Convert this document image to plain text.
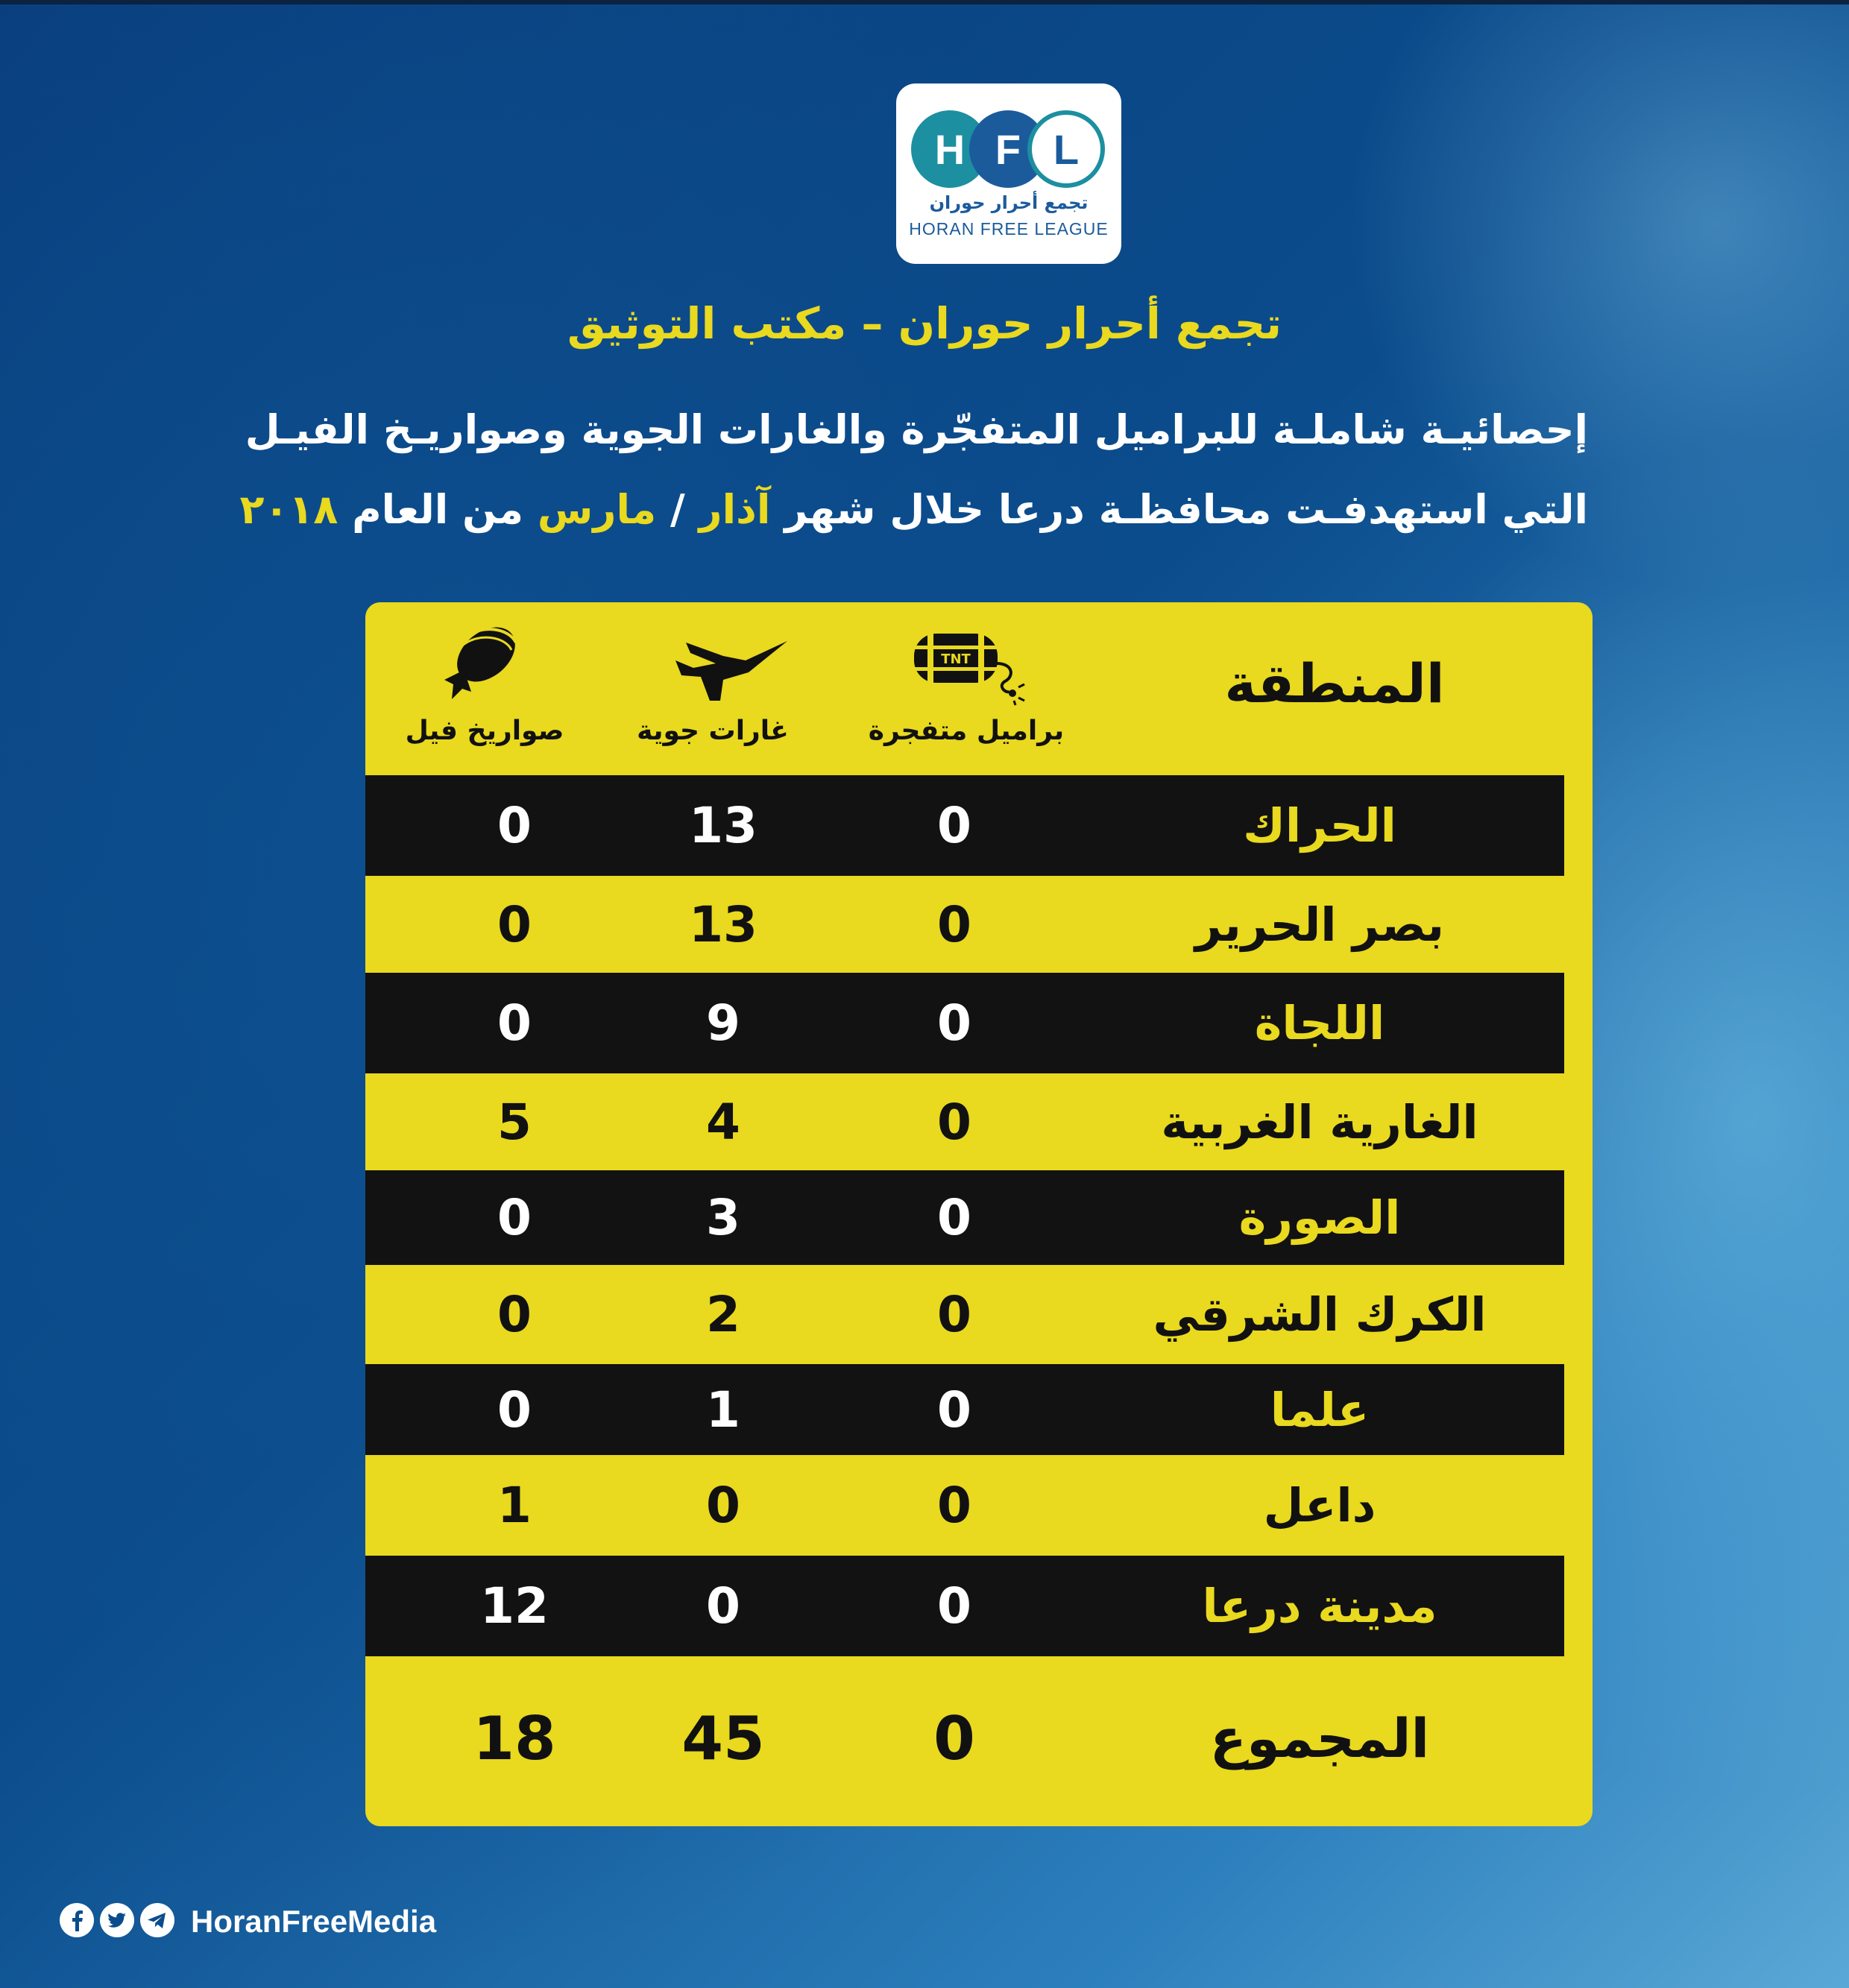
H F L
تجمع أحرار حوران
HORAN FREE LEAGUE
تجمع أحرار حوران – مكتب التوثيق
إحصائيـة شاملـة للبراميل المتفجّرة والغارات الجوية وصواريـخ الفيـل
التي استهدفـت محافظـة درعا خلال شهر آذار / مارس من العام ٢٠١٨
المنطقة
TNT
براميل متفجرة
غارات جوية
صواريخ فيل
الحراك
0
13
0
بصر الحرير
0
13
0
اللجاة
0
9
0
الغارية الغربية
0
4
5
الصورة
0
3
0
الكرك الشرقي
0
2
0
علما
0
1
0
داعل
0
0
1
مدينة درعا
0
0
12
المجموع
0
45
18
HoranFreeMedia
